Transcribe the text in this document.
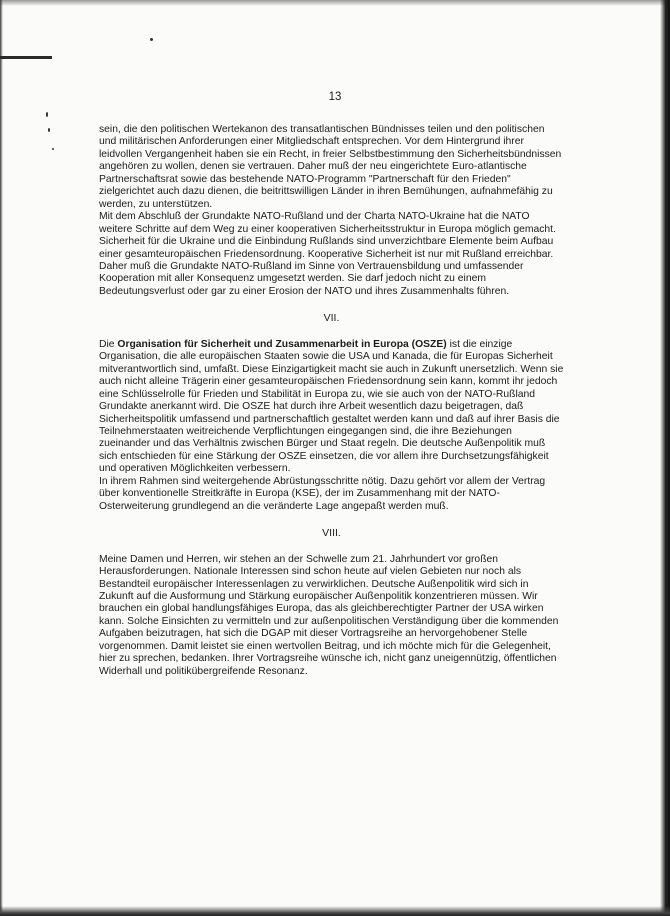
13

sein, die den politischen Wertekanon des transatlantischen Bündnisses teilen und den politischen und militärischen Anforderungen einer Mitgliedschaft entsprechen. Vor dem Hintergrund ihrer leidvollen Vergangenheit haben sie ein Recht, in freier Selbstbestimmung den Sicherheitsbündnissen angehören zu wollen, denen sie vertrauen. Daher muß der neu eingerichtete Euro-atlantische Partnerschaftsrat sowie das bestehende NATO-Programm "Partnerschaft für den Frieden" zielgerichtet auch dazu dienen, die beitrittswilligen Länder in ihren Bemühungen, aufnahmefähig zu werden, zu unterstützen.

Mit dem Abschluß der Grundakte NATO-Rußland und der Charta NATO-Ukraine hat die NATO weitere Schritte auf dem Weg zu einer kooperativen Sicherheitsstruktur in Europa möglich gemacht. Sicherheit für die Ukraine und die Einbindung Rußlands sind unverzichtbare Elemente beim Aufbau einer gesamteuropäischen Friedensordnung. Kooperative Sicherheit ist nur mit Rußland erreichbar. Daher muß die Grundakte NATO-Rußland im Sinne von Vertrauensbildung und umfassender Kooperation mit aller Konsequenz umgesetzt werden. Sie darf jedoch nicht zu einem Bedeutungsverlust oder gar zu einer Erosion der NATO und ihres Zusammenhalts führen.

VII.

Die Organisation für Sicherheit und Zusammenarbeit in Europa (OSZE) ist die einzige Organisation, die alle europäischen Staaten sowie die USA und Kanada, die für Europas Sicherheit mitverantwortlich sind, umfaßt. Diese Einzigartigkeit macht sie auch in Zukunft unersetzlich. Wenn sie auch nicht alleine Trägerin einer gesamteuropäischen Friedensordnung sein kann, kommt ihr jedoch eine Schlüsselrolle für Frieden und Stabilität in Europa zu, wie sie auch von der NATO-Rußland Grundakte anerkannt wird. Die OSZE hat durch ihre Arbeit wesentlich dazu beigetragen, daß Sicherheitspolitik umfassend und partnerschaftlich gestaltet werden kann und daß auf ihrer Basis die Teilnehmerstaaten weitreichende Verpflichtungen eingegangen sind, die ihre Beziehungen zueinander und das Verhältnis zwischen Bürger und Staat regeln. Die deutsche Außenpolitik muß sich entschieden für eine Stärkung der OSZE einsetzen, die vor allem ihre Durchsetzungsfähigkeit und operativen Möglichkeiten verbessern.

In ihrem Rahmen sind weitergehende Abrüstungsschritte nötig. Dazu gehört vor allem der Vertrag über konventionelle Streitkräfte in Europa (KSE), der im Zusammenhang mit der NATO-Osterweiterung grundlegend an die veränderte Lage angepaßt werden muß.

VIII.

Meine Damen und Herren, wir stehen an der Schwelle zum 21. Jahrhundert vor großen Herausforderungen. Nationale Interessen sind schon heute auf vielen Gebieten nur noch als Bestandteil europäischer Interessenlagen zu verwirklichen. Deutsche Außenpolitik wird sich in Zukunft auf die Ausformung und Stärkung europäischer Außenpolitik konzentrieren müssen. Wir brauchen ein global handlungsfähiges Europa, das als gleichberechtigter Partner der USA wirken kann. Solche Einsichten zu vermitteln und zur außenpolitischen Verständigung über die kommenden Aufgaben beizutragen, hat sich die DGAP mit dieser Vortragsreihe an hervorgehobener Stelle vorgenommen. Damit leistet sie einen wertvollen Beitrag, und ich möchte mich für die Gelegenheit, hier zu sprechen, bedanken. Ihrer Vortragsreihe wünsche ich, nicht ganz uneigennützig, öffentlichen Widerhall und politikübergreifende Resonanz.
